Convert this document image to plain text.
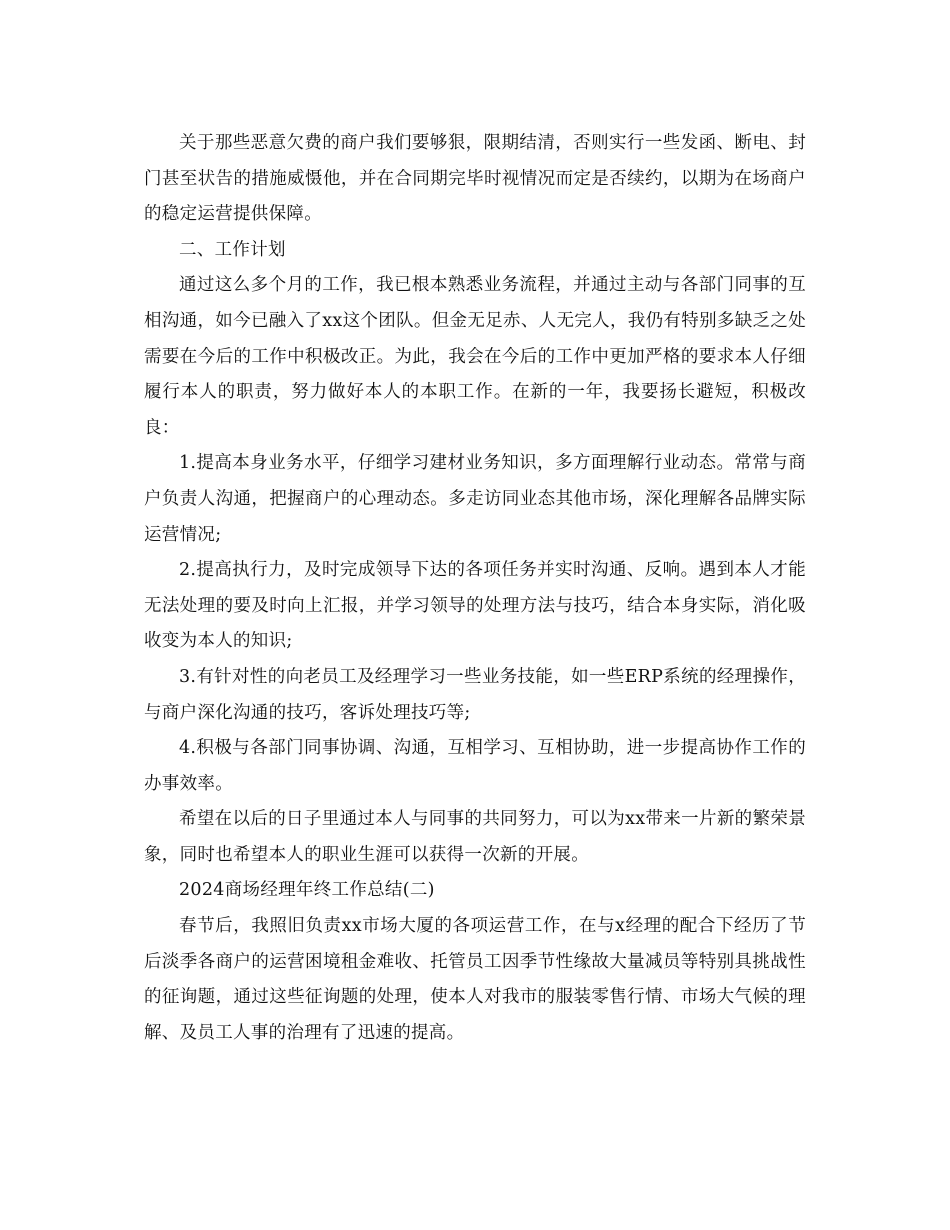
关于那些恶意欠费的商户我们要够狠，限期结清，否则实行一些发函、断电、封门甚至状告的措施威慑他，并在合同期完毕时视情况而定是否续约，以期为在场商户的稳定运营提供保障。

二、工作计划

通过这么多个月的工作，我已根本熟悉业务流程，并通过主动与各部门同事的互相沟通，如今已融入了xx这个团队。但金无足赤、人无完人，我仍有特别多缺乏之处需要在今后的工作中积极改正。为此，我会在今后的工作中更加严格的要求本人仔细履行本人的职责，努力做好本人的本职工作。在新的一年，我要扬长避短，积极改良：

1.提高本身业务水平，仔细学习建材业务知识，多方面理解行业动态。常常与商户负责人沟通，把握商户的心理动态。多走访同业态其他市场，深化理解各品牌实际运营情况;

2.提高执行力，及时完成领导下达的各项任务并实时沟通、反响。遇到本人才能无法处理的要及时向上汇报，并学习领导的处理方法与技巧，结合本身实际，消化吸收变为本人的知识;

3.有针对性的向老员工及经理学习一些业务技能，如一些ERP系统的经理操作，与商户深化沟通的技巧，客诉处理技巧等;

4.积极与各部门同事协调、沟通，互相学习、互相协助，进一步提高协作工作的办事效率。

希望在以后的日子里通过本人与同事的共同努力，可以为xx带来一片新的繁荣景象，同时也希望本人的职业生涯可以获得一次新的开展。

2024商场经理年终工作总结(二)

春节后，我照旧负责xx市场大厦的各项运营工作，在与x经理的配合下经历了节后淡季各商户的运营困境租金难收、托管员工因季节性缘故大量减员等特别具挑战性的征询题，通过这些征询题的处理，使本人对我市的服装零售行情、市场大气候的理解、及员工人事的治理有了迅速的提高。
